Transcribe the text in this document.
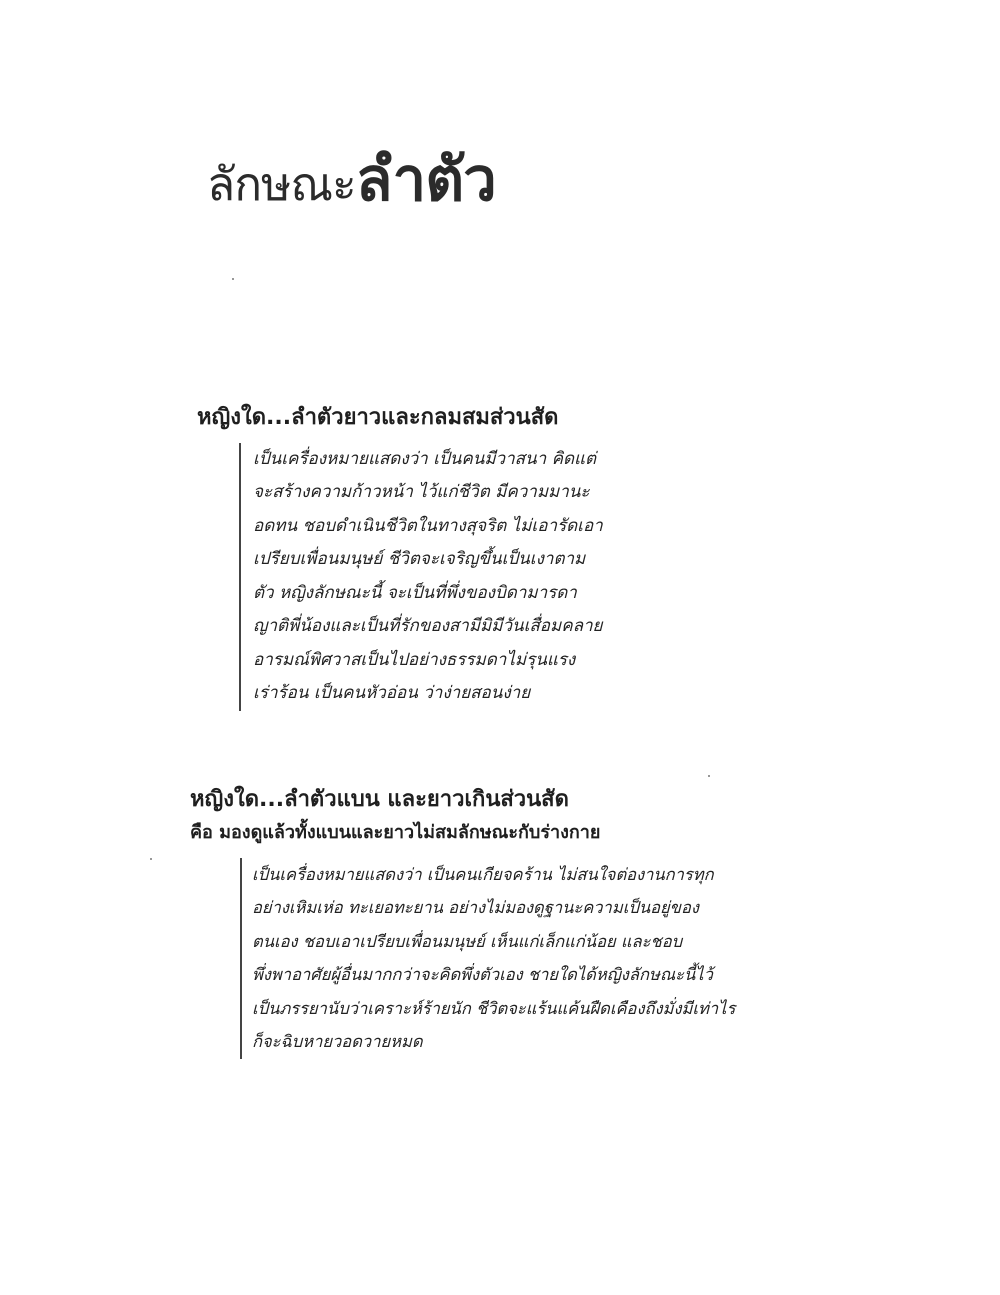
ลักษณะลำตัว
หญิงใด...ลำตัวยาวและกลมสมส่วนสัด
เป็นเครื่องหมายแสดงว่า เป็นคนมีวาสนา คิดแต่
จะสร้างความก้าวหน้า ไว้แก่ชีวิต มีความมานะ
อดทน ชอบดำเนินชีวิตในทางสุจริต ไม่เอารัดเอา
เปรียบเพื่อนมนุษย์ ชีวิตจะเจริญขึ้นเป็นเงาตาม
ตัว หญิงลักษณะนี้ จะเป็นที่พึ่งของบิดามารดา
ญาติพี่น้องและเป็นที่รักของสามีมิมีวันเสื่อมคลาย
อารมณ์พิศวาสเป็นไปอย่างธรรมดาไม่รุนแรง
เร่าร้อน เป็นคนหัวอ่อน ว่าง่ายสอนง่าย
หญิงใด...ลำตัวแบน และยาวเกินส่วนสัด
คือ มองดูแล้วทั้งแบนและยาวไม่สมลักษณะกับร่างกาย
เป็นเครื่องหมายแสดงว่า เป็นคนเกียจคร้าน ไม่สนใจต่องานการทุก
อย่างเหิมเห่อ ทะเยอทะยาน อย่างไม่มองดูฐานะความเป็นอยู่ของ
ตนเอง ชอบเอาเปรียบเพื่อนมนุษย์ เห็นแก่เล็กแก่น้อย และชอบ
พึ่งพาอาศัยผู้อื่นมากกว่าจะคิดพึ่งตัวเอง ชายใดได้หญิงลักษณะนี้ไว้
เป็นภรรยานับว่าเคราะห์ร้ายนัก ชีวิตจะแร้นแค้นฝืดเคืองถึงมั่งมีเท่าไร
ก็จะฉิบหายวอดวายหมด
